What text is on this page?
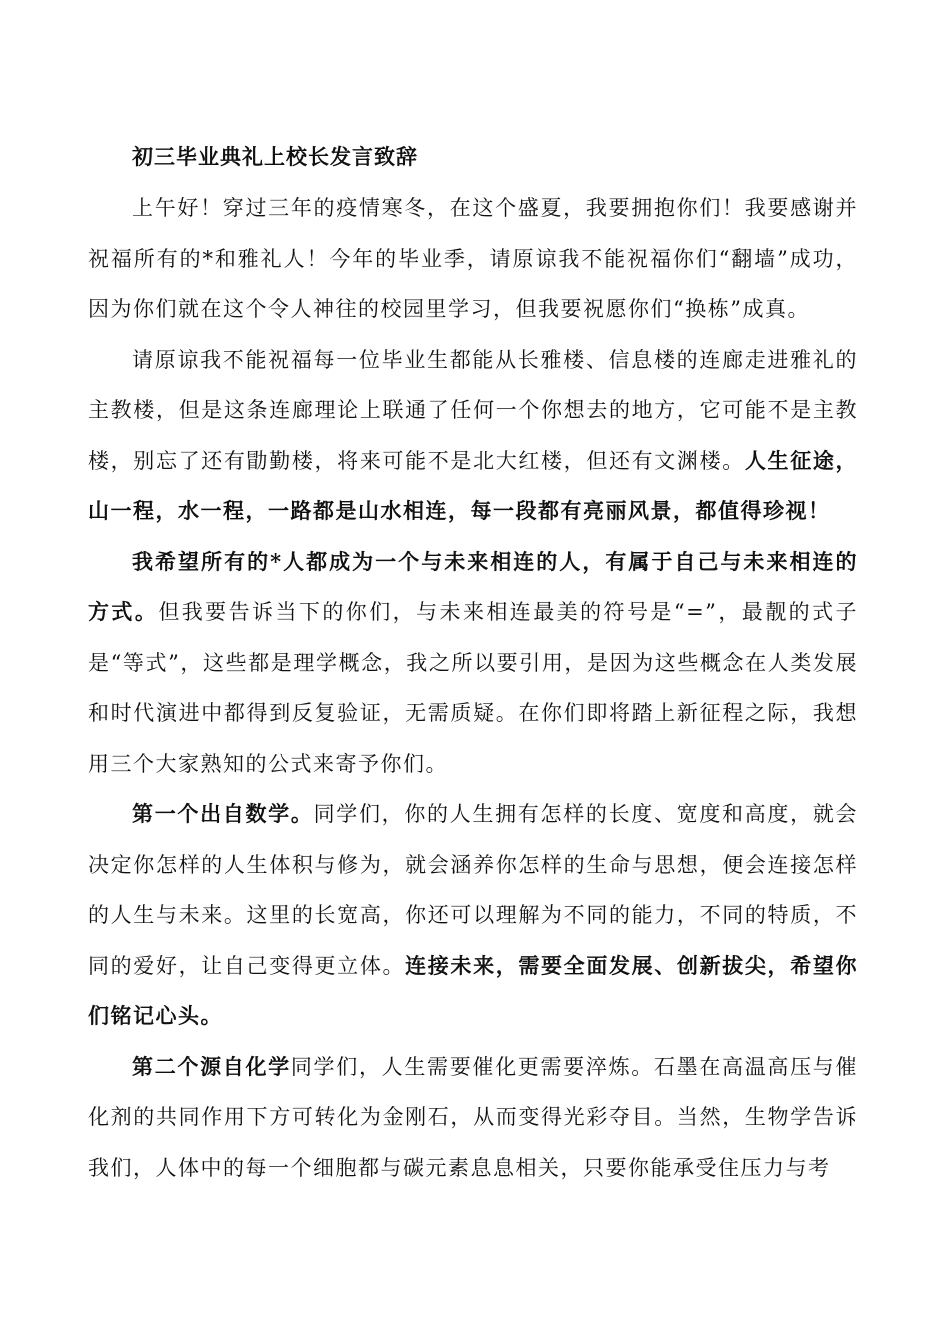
初三毕业典礼上校长发言致辞

上午好！穿过三年的疫情寒冬，在这个盛夏，我要拥抱你们！我要感谢并祝福所有的*和雅礼人！今年的毕业季，请原谅我不能祝福你们“翻墙”成功，因为你们就在这个令人神往的校园里学习，但我要祝愿你们“换栋”成真。

请原谅我不能祝福每一位毕业生都能从长雅楼、信息楼的连廊走进雅礼的主教楼，但是这条连廊理论上联通了任何一个你想去的地方，它可能不是主教楼，别忘了还有勖勤楼，将来可能不是北大红楼，但还有文渊楼。人生征途，山一程，水一程，一路都是山水相连，每一段都有亮丽风景，都值得珍视！

我希望所有的*人都成为一个与未来相连的人，有属于自己与未来相连的方式。但我要告诉当下的你们，与未来相连最美的符号是“=”，最靓的式子是“等式”，这些都是理学概念，我之所以要引用，是因为这些概念在人类发展和时代演进中都得到反复验证，无需质疑。在你们即将踏上新征程之际，我想用三个大家熟知的公式来寄予你们。

第一个出自数学。同学们，你的人生拥有怎样的长度、宽度和高度，就会决定你怎样的人生体积与修为，就会涵养你怎样的生命与思想，便会连接怎样的人生与未来。这里的长宽高，你还可以理解为不同的能力，不同的特质，不同的爱好，让自己变得更立体。连接未来，需要全面发展、创新拔尖，希望你们铭记心头。

第二个源自化学同学们，人生需要催化更需要淬炼。石墨在高温高压与催化剂的共同作用下方可转化为金刚石，从而变得光彩夺目。当然，生物学告诉我们，人体中的每一个细胞都与碳元素息息相关，只要你能承受住压力与考
